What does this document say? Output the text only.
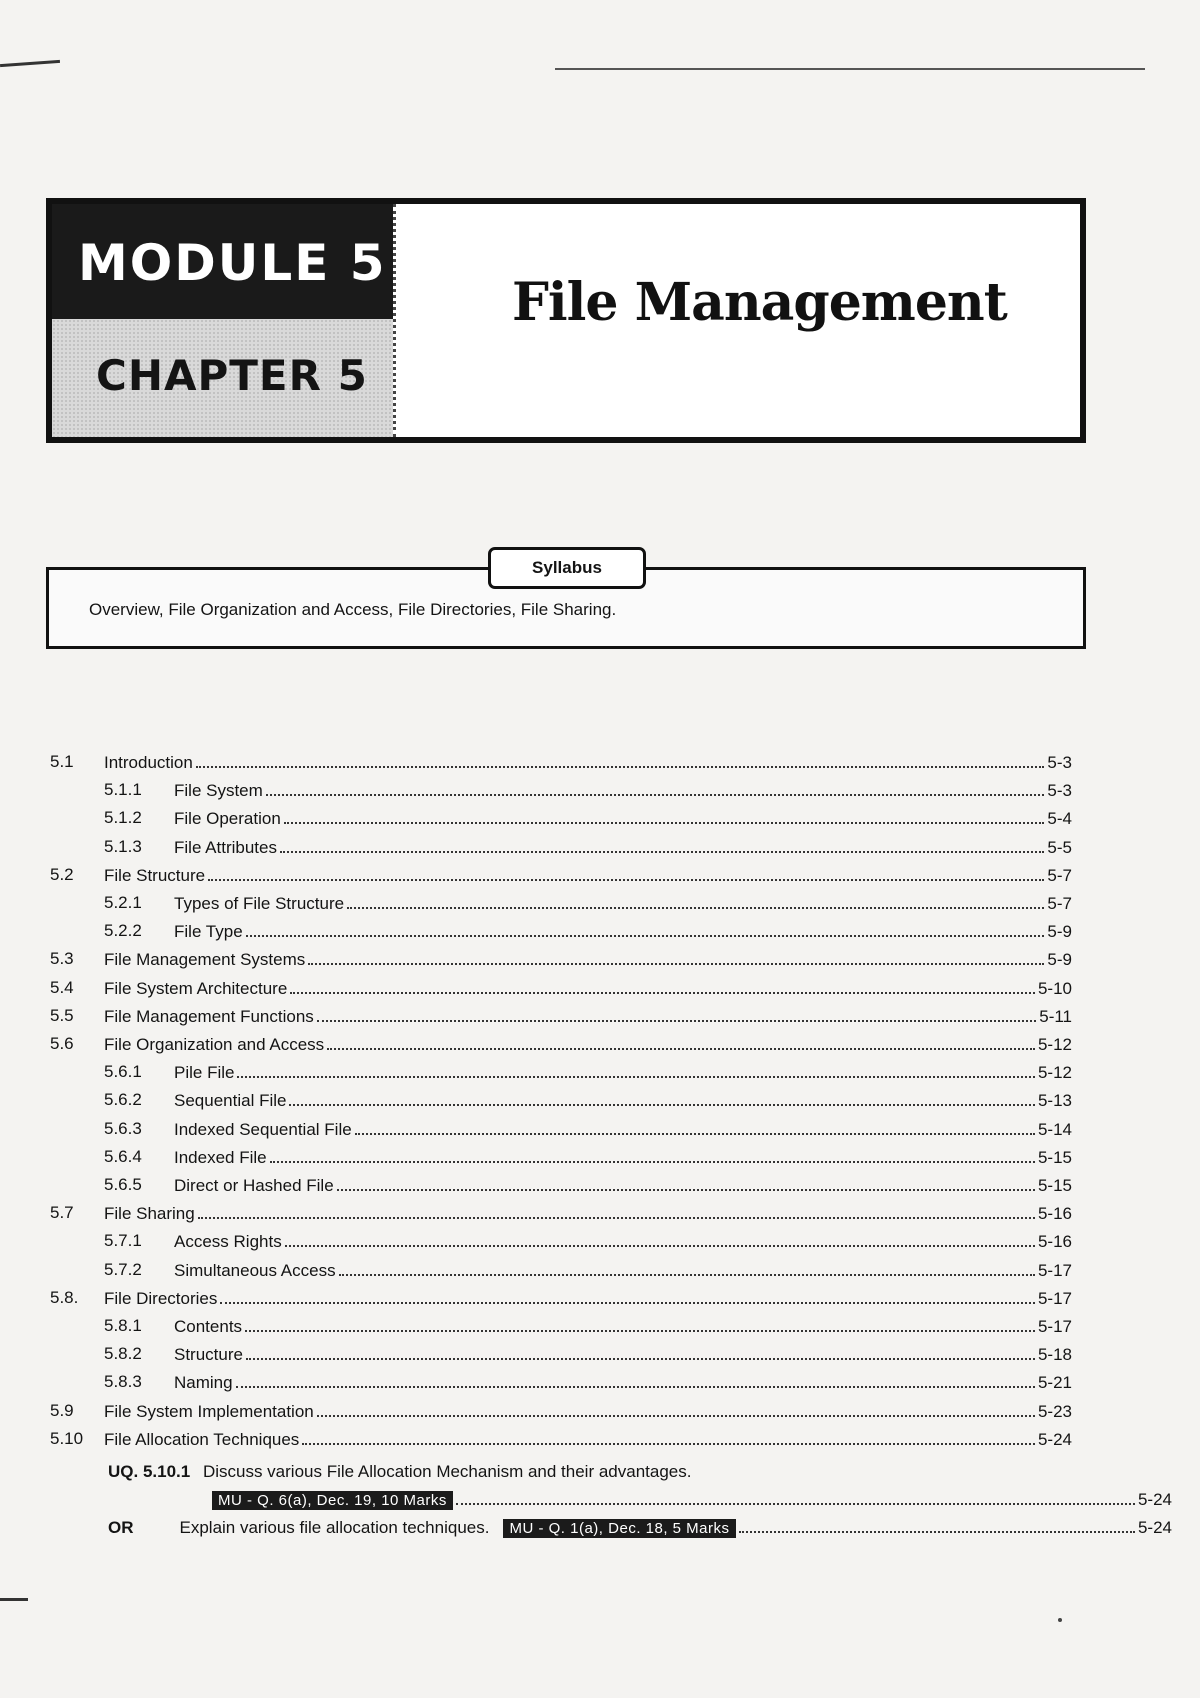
MODULE 5
CHAPTER 5
File Management
Overview, File Organization and Access, File Directories, File Sharing.
Syllabus
5.1 Introduction	5-3
5.1.1 File System	5-3
5.1.2 File Operation	5-4
5.1.3 File Attributes	5-5
5.2 File Structure	5-7
5.2.1 Types of File Structure	5-7
5.2.2 File Type	5-9
5.3 File Management Systems	5-9
5.4 File System Architecture	5-10
5.5 File Management Functions	5-11
5.6 File Organization and Access	5-12
5.6.1 Pile File	5-12
5.6.2 Sequential File	5-13
5.6.3 Indexed Sequential File	5-14
5.6.4 Indexed File	5-15
5.6.5 Direct or Hashed File	5-15
5.7 File Sharing	5-16
5.7.1 Access Rights	5-16
5.7.2 Simultaneous Access	5-17
5.8. File Directories	5-17
5.8.1 Contents	5-17
5.8.2 Structure	5-18
5.8.3 Naming	5-21
5.9 File System Implementation	5-23
5.10 File Allocation Techniques	5-24
UQ. 5.10.1 Discuss various File Allocation Mechanism and their advantages.
MU - Q. 6(a), Dec. 19, 10 Marks	5-24
OR	Explain various file allocation techniques.	MU - Q. 1(a), Dec. 18, 5 Marks	5-24
